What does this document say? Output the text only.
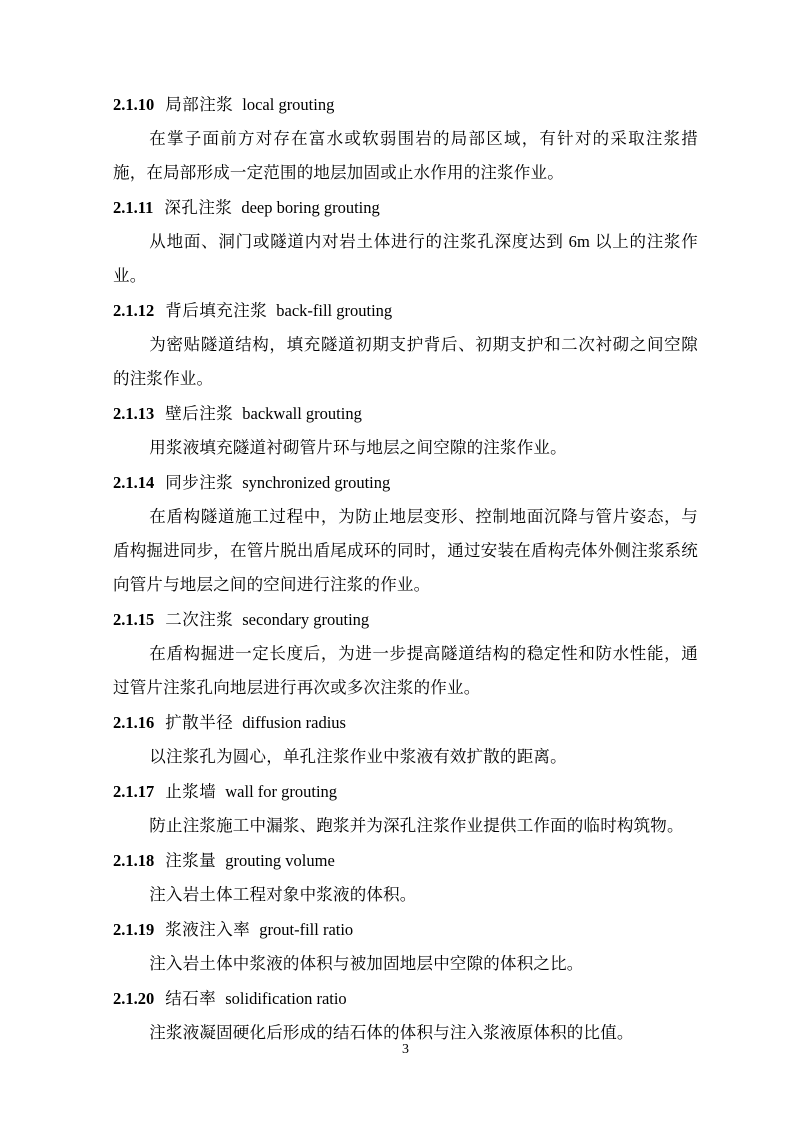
2.1.10 局部注浆 local grouting

在掌子面前方对存在富水或软弱围岩的局部区域，有针对的采取注浆措施，在局部形成一定范围的地层加固或止水作用的注浆作业。

2.1.11 深孔注浆 deep boring grouting

从地面、洞门或隧道内对岩土体进行的注浆孔深度达到 6m 以上的注浆作业。

2.1.12 背后填充注浆 back-fill grouting

为密贴隧道结构，填充隧道初期支护背后、初期支护和二次衬砌之间空隙的注浆作业。

2.1.13 壁后注浆 backwall grouting

用浆液填充隧道衬砌管片环与地层之间空隙的注浆作业。

2.1.14 同步注浆 synchronized grouting

在盾构隧道施工过程中，为防止地层变形、控制地面沉降与管片姿态，与盾构掘进同步，在管片脱出盾尾成环的同时，通过安装在盾构壳体外侧注浆系统向管片与地层之间的空间进行注浆的作业。

2.1.15 二次注浆 secondary grouting

在盾构掘进一定长度后，为进一步提高隧道结构的稳定性和防水性能，通过管片注浆孔向地层进行再次或多次注浆的作业。

2.1.16 扩散半径 diffusion radius

以注浆孔为圆心，单孔注浆作业中浆液有效扩散的距离。

2.1.17 止浆墙 wall for grouting

防止注浆施工中漏浆、跑浆并为深孔注浆作业提供工作面的临时构筑物。

2.1.18 注浆量 grouting volume

注入岩土体工程对象中浆液的体积。

2.1.19 浆液注入率 grout-fill ratio

注入岩土体中浆液的体积与被加固地层中空隙的体积之比。

2.1.20 结石率 solidification ratio

注浆液凝固硬化后形成的结石体的体积与注入浆液原体积的比值。

3
